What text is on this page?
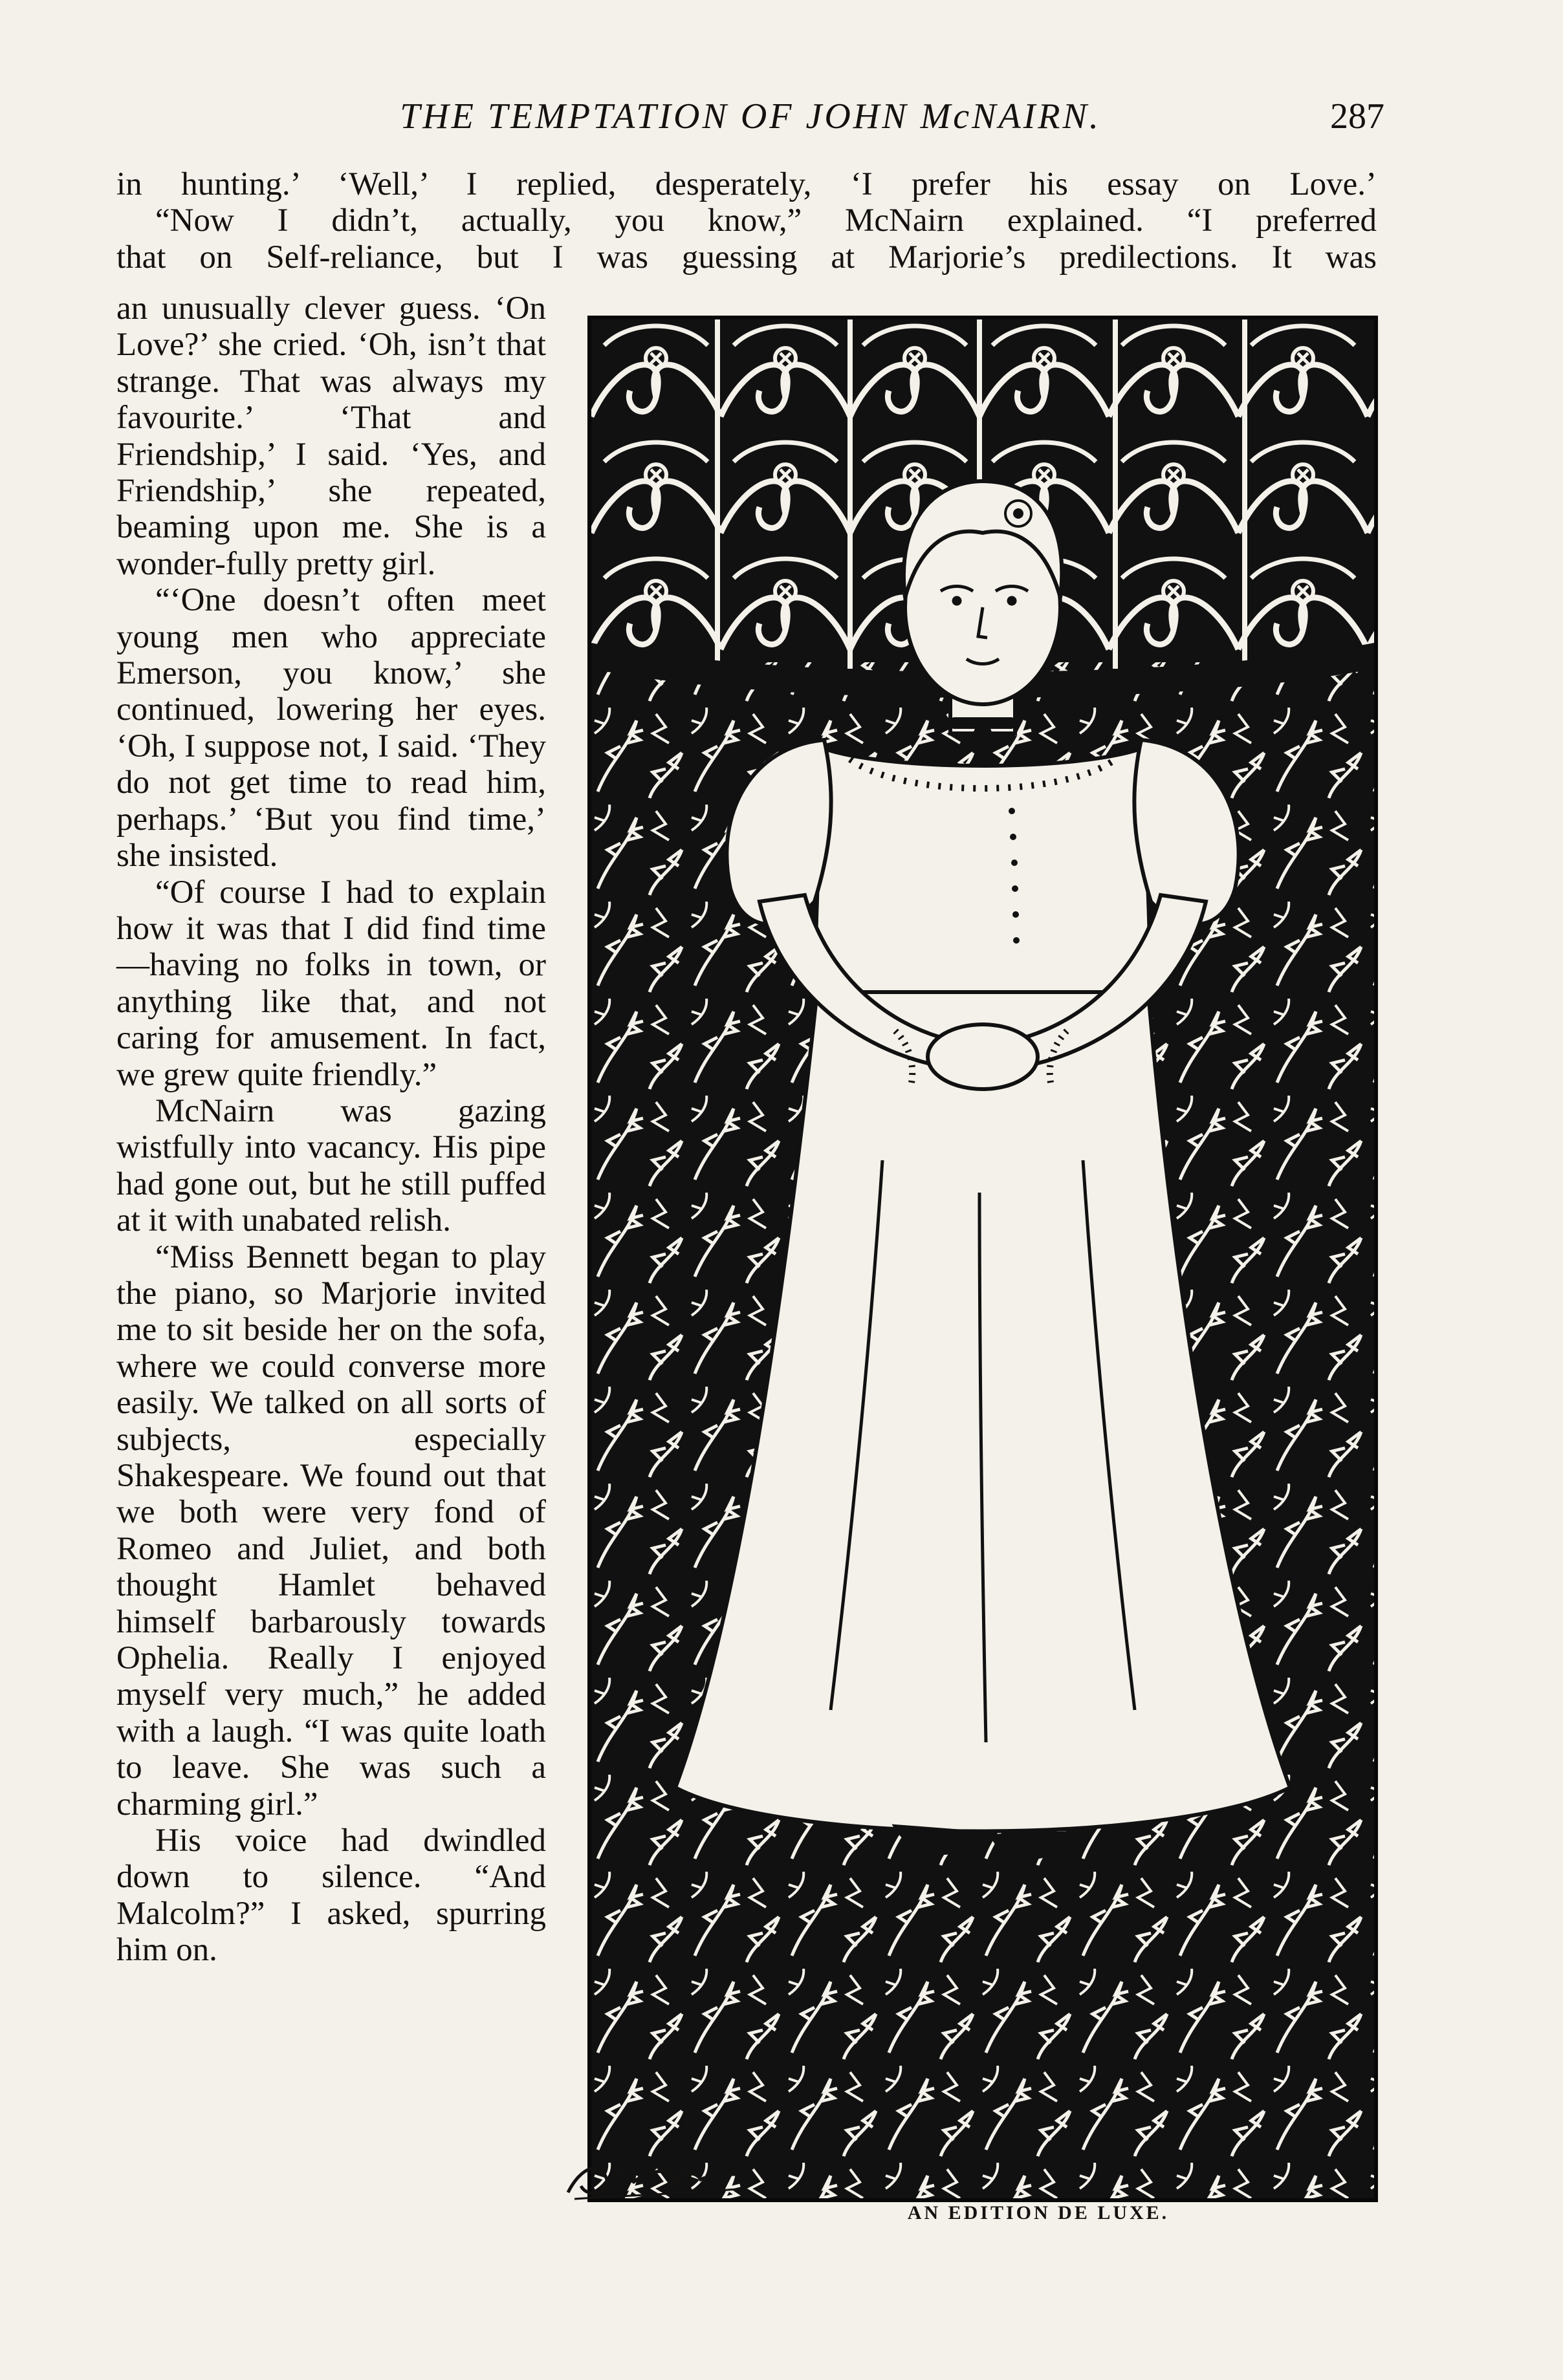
THE TEMPTATION OF JOHN McNAIRN.	287

in hunting.’ ‘Well,’ I replied, desperately, ‘I prefer his essay on Love.’

“Now I didn’t, actually, you know,” McNairn explained. “I preferred

that on Self-reliance, but I was guessing at Marjorie’s predilections. It was

an unusually clever guess. ‘On Love?’ she cried. ‘Oh, isn’t that strange. That was always my favourite.’ ‘That and Friendship,’ I said. ‘Yes, and Friendship,’ she repeated, beaming upon me. She is a wonder-fully pretty girl.

“‘One doesn’t often meet young men who appreciate Emerson, you know,’ she continued, lowering her eyes. ‘Oh, I suppose not, I said. ‘They do not get time to read him, perhaps.’ ‘But you find time,’ she insisted.

“Of course I had to explain how it was that I did find time—having no folks in town, or anything like that, and not caring for amusement. In fact, we grew quite friendly.”

McNairn was gazing wistfully into vacancy. His pipe had gone out, but he still puffed at it with unabated relish.

“Miss Bennett began to play the piano, so Marjorie invited me to sit beside her on the sofa, where we could converse more easily. We talked on all sorts of subjects, especially Shakespeare. We found out that we both were very fond of Romeo and Juliet, and both thought Hamlet behaved himself barbarously towards Ophelia. Really I enjoyed myself very much,” he added with a laugh. “I was quite loath to leave. She was such a charming girl.”

His voice had dwindled down to silence. “And Malcolm?” I asked, spurring him on.

AN EDITION DE LUXE.
